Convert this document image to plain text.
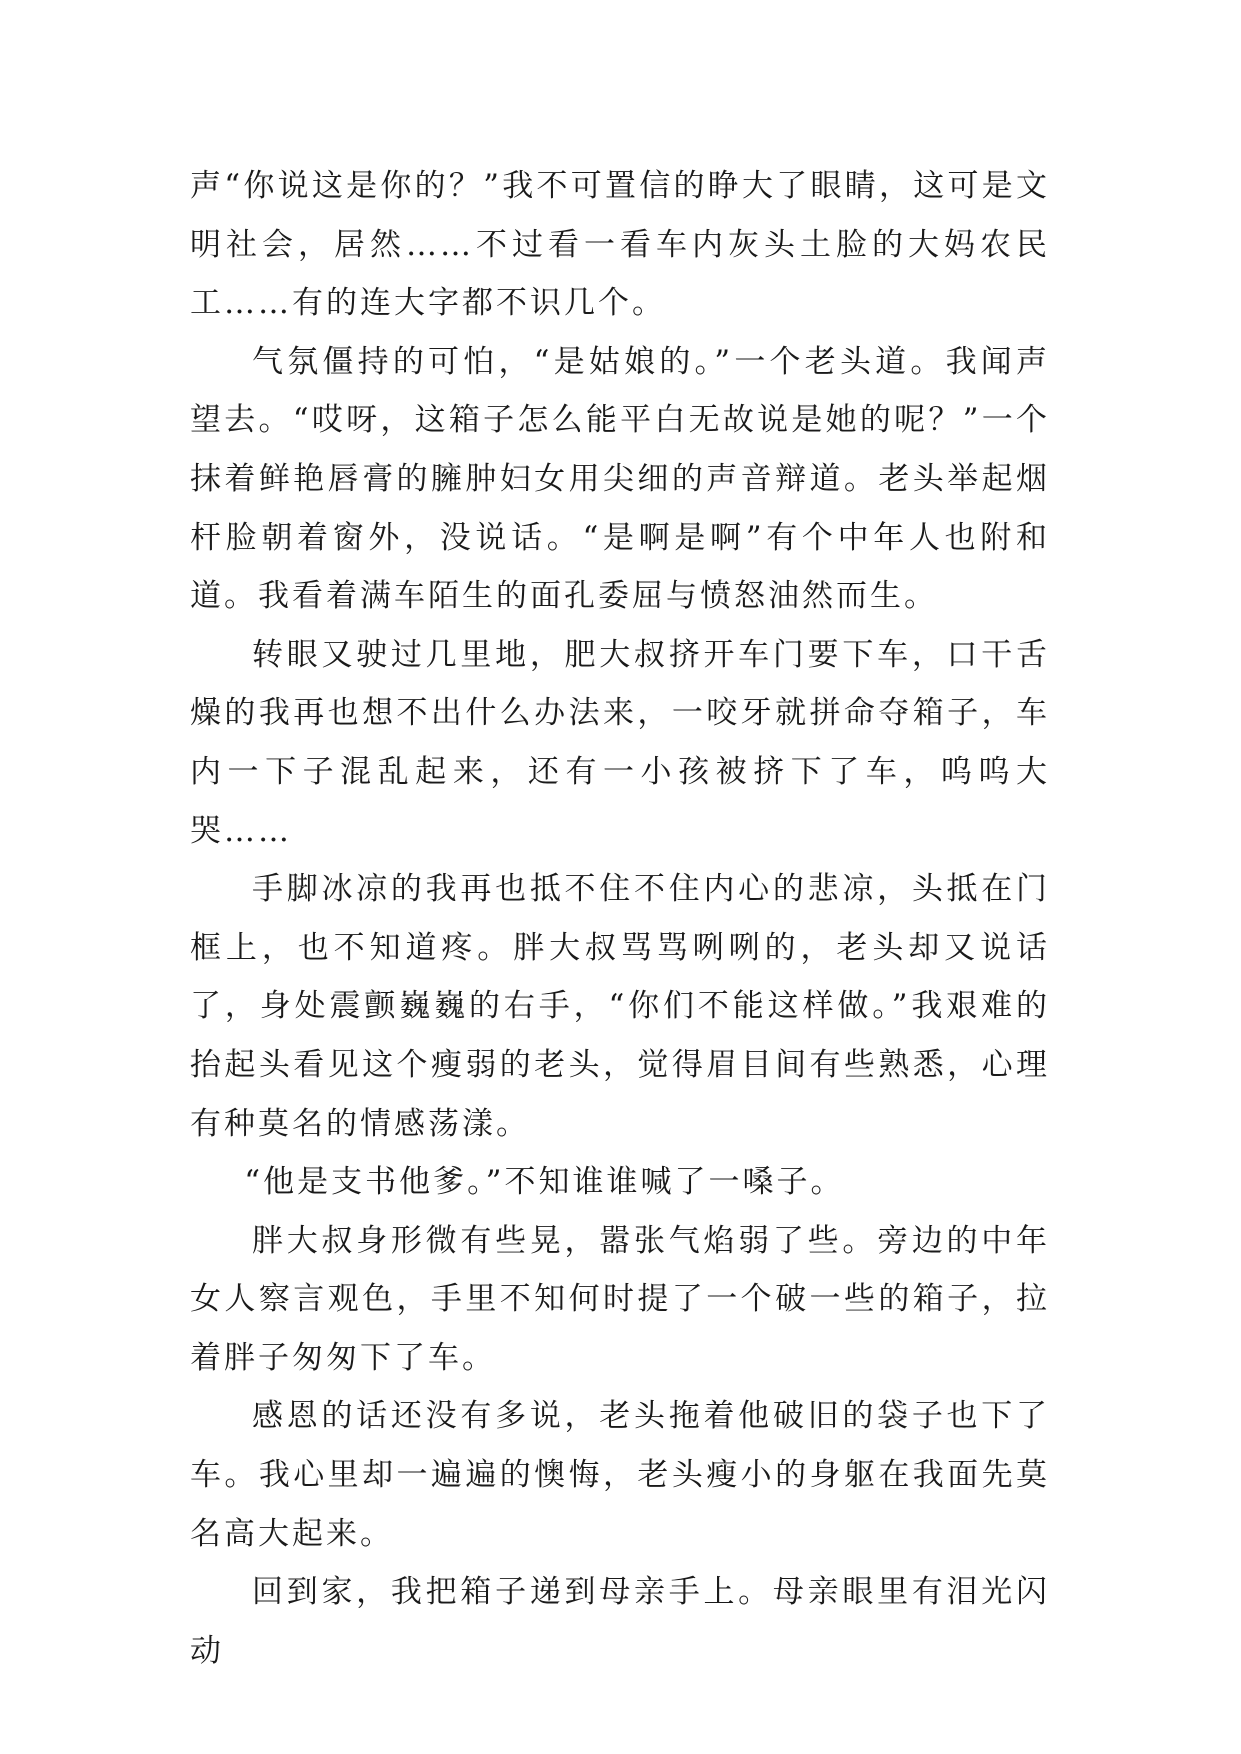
声“你说这是你的？”我不可置信的睁大了眼睛，这可是文明社会，居然……不过看一看车内灰头土脸的大妈农民工……有的连大字都不识几个。

气氛僵持的可怕，“是姑娘的。”一个老头道。我闻声望去。“哎呀，这箱子怎么能平白无故说是她的呢？”一个抹着鲜艳唇膏的臃肿妇女用尖细的声音辩道。老头举起烟杆脸朝着窗外，没说话。“是啊是啊”有个中年人也附和道。我看着满车陌生的面孔委屈与愤怒油然而生。

转眼又驶过几里地，肥大叔挤开车门要下车，口干舌燥的我再也想不出什么办法来，一咬牙就拼命夺箱子，车内一下子混乱起来，还有一小孩被挤下了车，呜呜大哭……

手脚冰凉的我再也抵不住不住内心的悲凉，头抵在门框上，也不知道疼。胖大叔骂骂咧咧的，老头却又说话了，身处震颤巍巍的右手，“你们不能这样做。”我艰难的抬起头看见这个瘦弱的老头，觉得眉目间有些熟悉，心理有种莫名的情感荡漾。

“他是支书他爹。”不知谁谁喊了一嗓子。

胖大叔身形微有些晃，嚣张气焰弱了些。旁边的中年女人察言观色，手里不知何时提了一个破一些的箱子，拉着胖子匆匆下了车。

感恩的话还没有多说，老头拖着他破旧的袋子也下了车。我心里却一遍遍的懊悔，老头瘦小的身躯在我面先莫名高大起来。

回到家，我把箱子递到母亲手上。母亲眼里有泪光闪动
